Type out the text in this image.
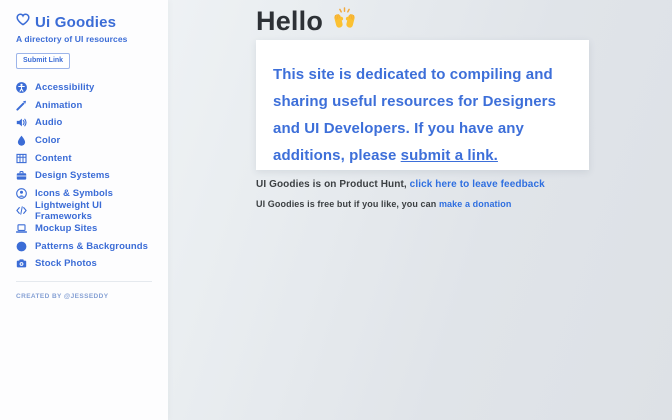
Ui Goodies
A directory of UI resources
Submit Link
Accessibility
Animation
Audio
Color
Content
Design Systems
Icons & Symbols
Lightweight UI Frameworks
Mockup Sites
Patterns & Backgrounds
Stock Photos
CREATED BY @JESSEDDY
Hello
This site is dedicated to compiling and sharing useful resources for Designers and UI Developers. If you have any additions, please submit a link.
UI Goodies is on Product Hunt, click here to leave feedback
UI Goodies is free but if you like, you can make a donation
